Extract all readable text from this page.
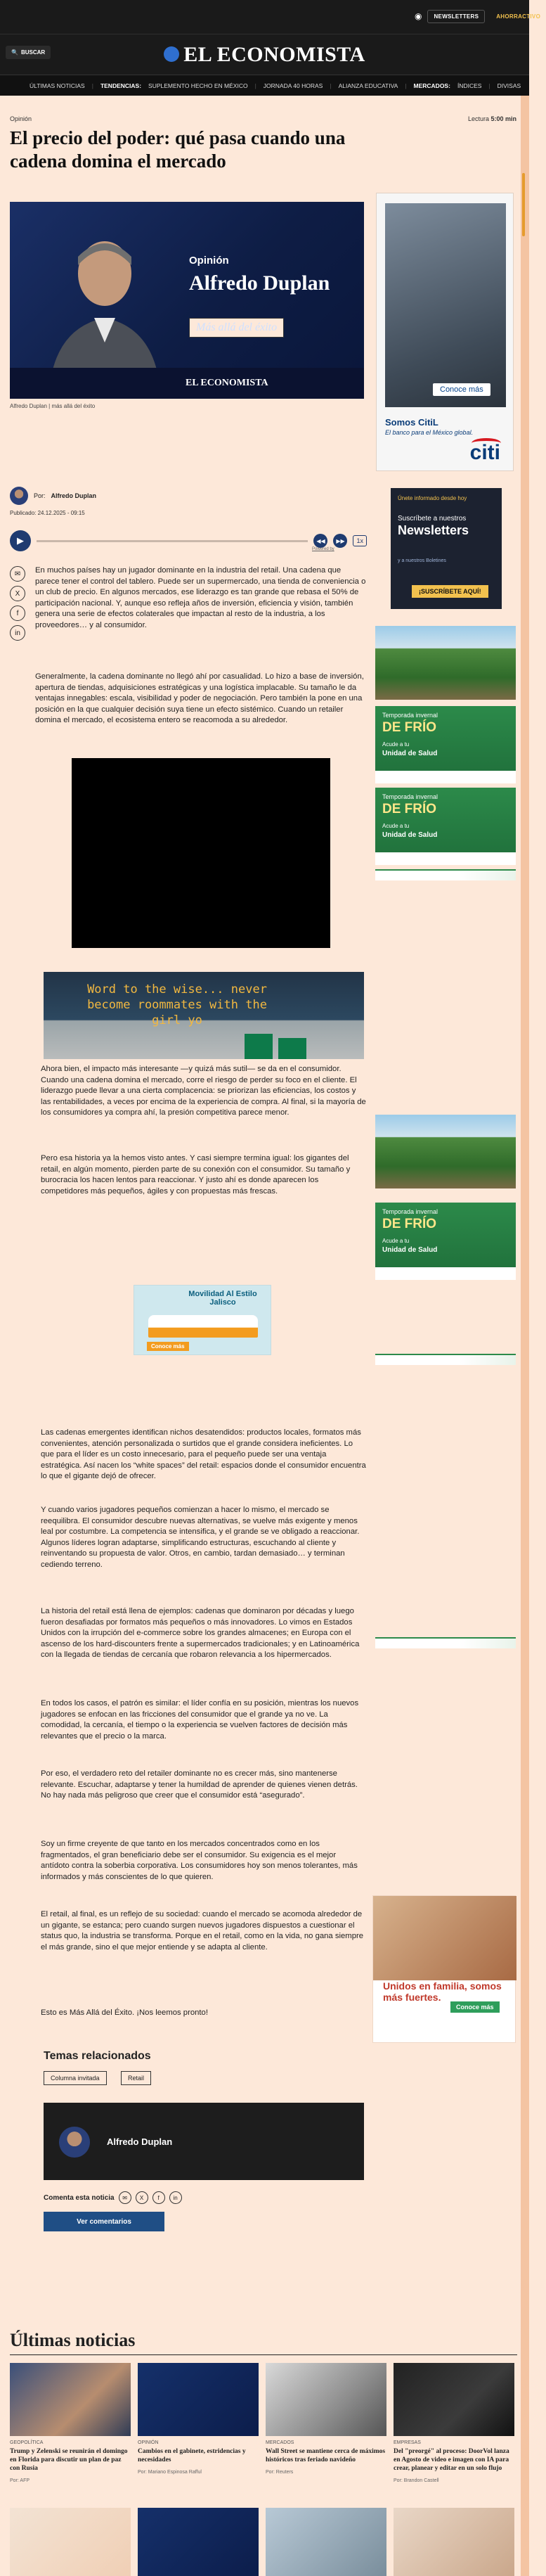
◉	NEWSLETTERS	AHORRACTIVO
🔍 BUSCAR	EL ECONOMISTA
ÚLTIMAS NOTICIAS | TENDENCIAS: SUPLEMENTO HECHO EN MÉXICO | JORNADA 40 HORAS | ALIANZA EDUCATIVA | MERCADOS: ÍNDICES | DIVISAS
Opinión	Lectura 5:00 min
El precio del poder: qué pasa cuando una cadena domina el mercado
Opinión
Alfredo Duplan
Más allá del éxito
EL ECONOMISTA
Alfredo Duplan | más allá del éxito
Conoce más
Somos CitiL
El banco para el México global.
citi
Por: Alfredo Duplan
Publicado: 24.12.2025 - 09:15
▶	◀◀ ▶▶	1x
Powered by
✉
X
f
in
Únete informado desde hoy
Suscríbete a nuestros
Newsletters
y a nuestros Boletines
¡SUSCRÍBETE AQUÍ!
Temporada invernal
DE FRÍO
Acude a tu
Unidad de Salud
Temporada invernal
DE FRÍO
Acude a tu
Unidad de Salud
Temporada invernal
DE FRÍO
Acude a tu
Unidad de Salud
Unidos en familia, somos más fuertes.
Conoce más

En muchos países hay un jugador dominante en la industria del retail. Una cadena que parece tener el control del tablero. Puede ser un supermercado, una tienda de conveniencia o un club de precio. En algunos mercados, ese liderazgo es tan grande que rebasa el 50% de participación nacional. Y, aunque eso refleja años de inversión, eficiencia y visión, también genera una serie de efectos colaterales que impactan al resto de la industria, a los proveedores… y al consumidor.

Generalmente, la cadena dominante no llegó ahí por casualidad. Lo hizo a base de inversión, apertura de tiendas, adquisiciones estratégicas y una logística implacable. Su tamaño le da ventajas innegables: escala, visibilidad y poder de negociación. Pero también la pone en una posición en la que cualquier decisión suya tiene un efecto sistémico. Cuando un retailer domina el mercado, el ecosistema entero se reacomoda a su alrededor.

Word to the wise... never become roommates with the girl yo

Ahora bien, el impacto más interesante —y quizá más sutil— se da en el consumidor. Cuando una cadena domina el mercado, corre el riesgo de perder su foco en el cliente. El liderazgo puede llevar a una cierta complacencia: se priorizan las eficiencias, los costos y las rentabilidades, a veces por encima de la experiencia de compra. Al final, si la mayoría de los consumidores ya compra ahí, la presión competitiva parece menor.

Pero esa historia ya la hemos visto antes. Y casi siempre termina igual: los gigantes del retail, en algún momento, pierden parte de su conexión con el consumidor. Su tamaño y burocracia los hacen lentos para reaccionar. Y justo ahí es donde aparecen los competidores más pequeños, ágiles y con propuestas más frescas.

Movilidad Al Estilo Jalisco
Conoce más

Las cadenas emergentes identifican nichos desatendidos: productos locales, formatos más convenientes, atención personalizada o surtidos que el grande considera ineficientes. Lo que para el líder es un costo innecesario, para el pequeño puede ser una ventaja estratégica. Así nacen los “white spaces” del retail: espacios donde el consumidor encuentra lo que el gigante dejó de ofrecer.

Y cuando varios jugadores pequeños comienzan a hacer lo mismo, el mercado se reequilibra. El consumidor descubre nuevas alternativas, se vuelve más exigente y menos leal por costumbre. La competencia se intensifica, y el grande se ve obligado a reaccionar. Algunos líderes logran adaptarse, simplificando estructuras, escuchando al cliente y reinventando su propuesta de valor. Otros, en cambio, tardan demasiado… y terminan cediendo terreno.

La historia del retail está llena de ejemplos: cadenas que dominaron por décadas y luego fueron desafiadas por formatos más pequeños o más innovadores. Lo vimos en Estados Unidos con la irrupción del e-commerce sobre los grandes almacenes; en Europa con el ascenso de los hard-discounters frente a supermercados tradicionales; y en Latinoamérica con la llegada de tiendas de cercanía que robaron relevancia a los hipermercados.

En todos los casos, el patrón es similar: el líder confía en su posición, mientras los nuevos jugadores se enfocan en las fricciones del consumidor que el grande ya no ve. La comodidad, la cercanía, el tiempo o la experiencia se vuelven factores de decisión más relevantes que el precio o la marca.

Por eso, el verdadero reto del retailer dominante no es crecer más, sino mantenerse relevante. Escuchar, adaptarse y tener la humildad de aprender de quienes vienen detrás. No hay nada más peligroso que creer que el consumidor está “asegurado”.

Soy un firme creyente de que tanto en los mercados concentrados como en los fragmentados, el gran beneficiario debe ser el consumidor. Su exigencia es el mejor antídoto contra la soberbia corporativa. Los consumidores hoy son menos tolerantes, más informados y más conscientes de lo que quieren.

El retail, al final, es un reflejo de su sociedad: cuando el mercado se acomoda alrededor de un gigante, se estanca; pero cuando surgen nuevos jugadores dispuestos a cuestionar el status quo, la industria se transforma. Porque en el retail, como en la vida, no gana siempre el más grande, sino el que mejor entiende y se adapta al cliente.

Esto es Más Allá del Éxito. ¡Nos leemos pronto!

Temas relacionados
Columna invitada	Retail
Alfredo Duplan
Comenta esta noticia	✉	X	f	in
Ver comentarios
Últimas noticias
GEOPOLÍTICA
Trump y Zelenski se reunirán el domingo en Florida para discutir un plan de paz con Rusia
Por: AFP
OPINIÓN
Cambios en el gabinete, estridencias y necesidades
Por: Mariano Espinosa Rafful
MERCADOS
Wall Street se mantiene cerca de máximos históricos tras feriado navideño
Por: Reuters
EMPRESAS
Del "preorgé" al proceso: DoorVol lanza en Agosto de video e imagen con IA para crear, planear y editar en un solo flujo
Por: Brandon Castell
